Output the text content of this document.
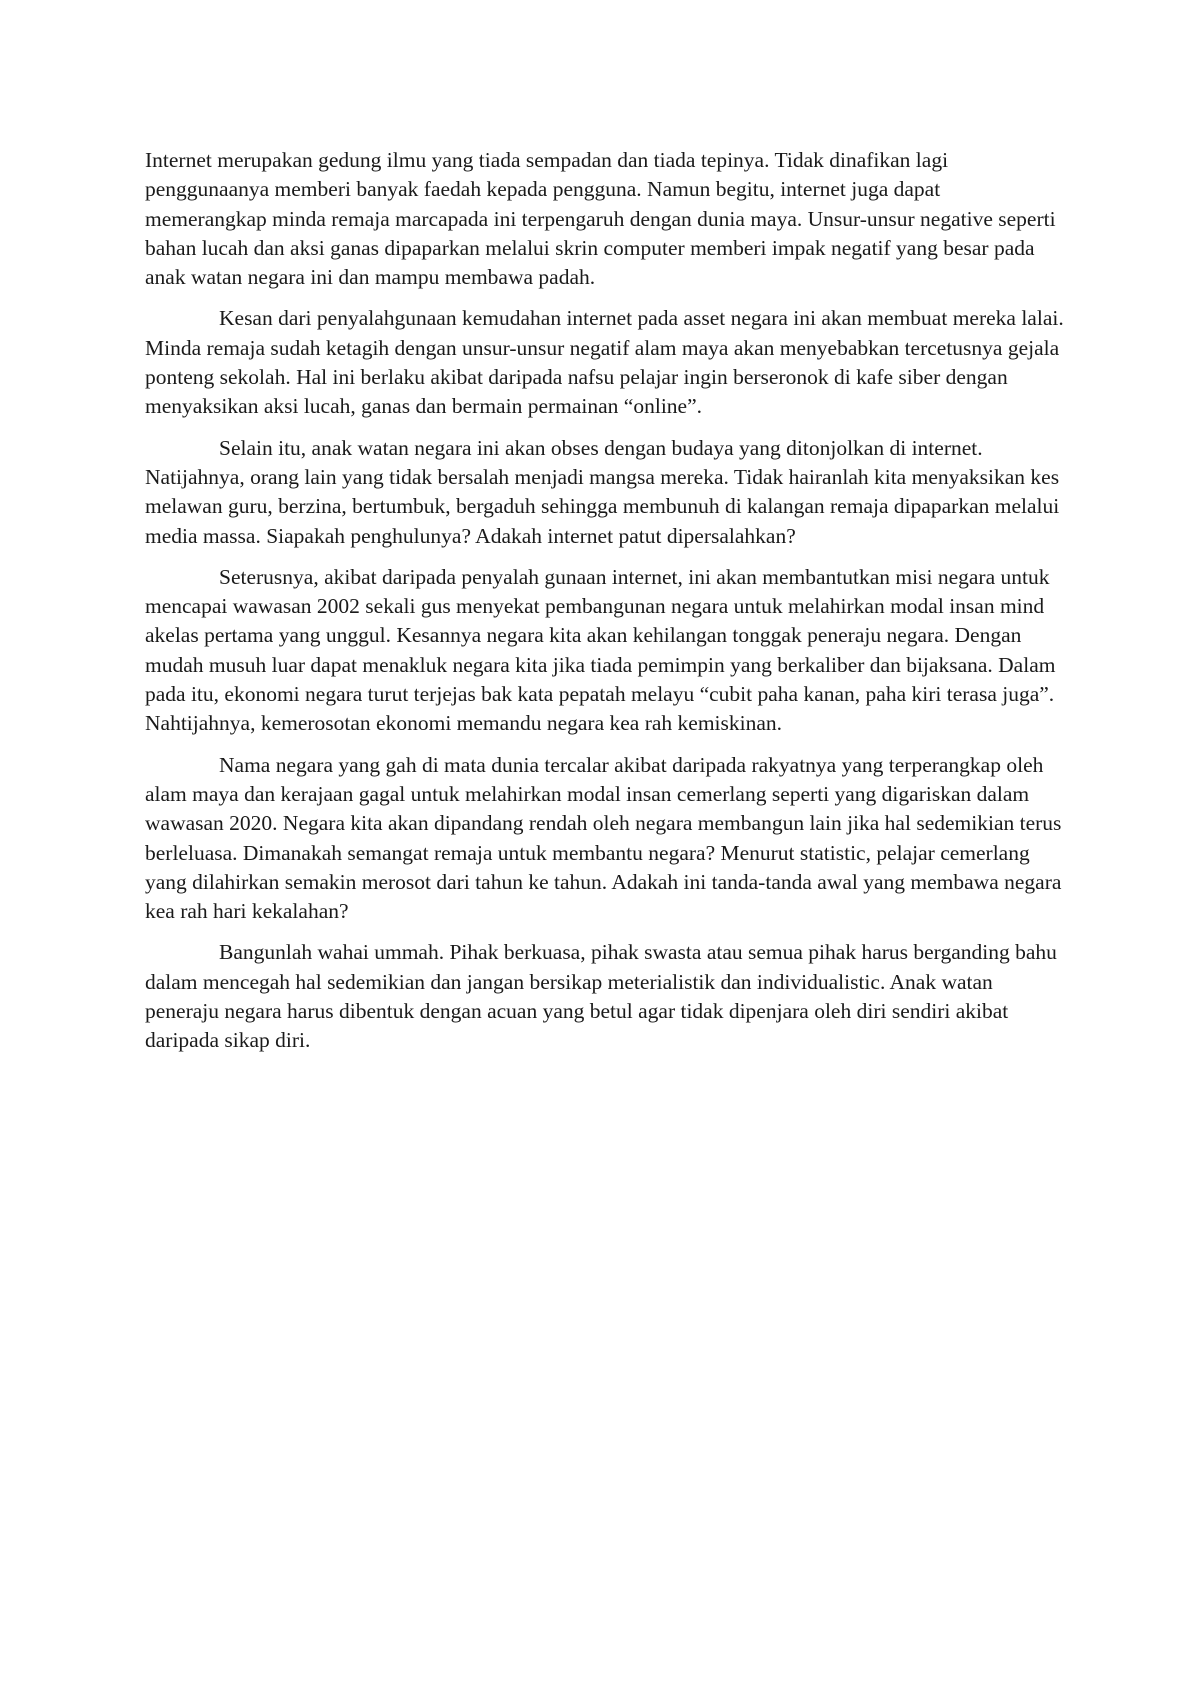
Internet merupakan gedung ilmu yang tiada sempadan dan tiada tepinya. Tidak dinafikan lagi penggunaanya memberi banyak faedah kepada pengguna. Namun begitu, internet juga dapat memerangkap minda remaja marcapada ini terpengaruh dengan dunia maya. Unsur-unsur negative seperti bahan lucah dan aksi ganas dipaparkan melalui skrin computer memberi impak negatif yang besar pada anak watan negara ini dan mampu membawa padah.

Kesan dari penyalahgunaan kemudahan internet pada asset negara ini akan membuat mereka lalai. Minda remaja sudah ketagih dengan unsur-unsur negatif alam maya akan menyebabkan tercetusnya gejala ponteng sekolah. Hal ini berlaku akibat daripada nafsu pelajar ingin berseronok di kafe siber dengan menyaksikan aksi lucah, ganas dan bermain permainan “online”.

Selain itu, anak watan negara ini akan obses dengan budaya yang ditonjolkan di internet. Natijahnya, orang lain yang tidak bersalah menjadi mangsa mereka. Tidak hairanlah kita menyaksikan kes melawan guru, berzina, bertumbuk, bergaduh sehingga membunuh di kalangan remaja dipaparkan melalui media massa. Siapakah penghulunya? Adakah internet patut dipersalahkan?

Seterusnya, akibat daripada penyalah gunaan internet, ini akan membantutkan misi negara untuk mencapai wawasan 2002 sekali gus menyekat pembangunan negara untuk melahirkan modal insan mind akelas pertama yang unggul. Kesannya negara kita akan kehilangan tonggak peneraju negara. Dengan mudah musuh luar dapat menakluk negara kita jika tiada pemimpin yang berkaliber dan bijaksana. Dalam pada itu, ekonomi negara turut terjejas bak kata pepatah melayu “cubit paha kanan, paha kiri terasa juga”. Nahtijahnya, kemerosotan ekonomi memandu negara kea rah kemiskinan.

Nama negara yang gah di mata dunia tercalar akibat daripada rakyatnya yang terperangkap oleh alam maya dan kerajaan gagal untuk melahirkan modal insan cemerlang seperti yang digariskan dalam wawasan 2020. Negara kita akan dipandang rendah oleh negara membangun lain jika hal sedemikian terus berleluasa. Dimanakah semangat remaja untuk membantu negara? Menurut statistic, pelajar cemerlang yang dilahirkan semakin merosot dari tahun ke tahun. Adakah ini tanda-tanda awal yang membawa negara kea rah hari kekalahan?

Bangunlah wahai ummah. Pihak berkuasa, pihak swasta atau semua pihak harus berganding bahu dalam mencegah hal sedemikian dan jangan bersikap meterialistik dan individualistic. Anak watan peneraju negara harus dibentuk dengan acuan yang betul agar tidak dipenjara oleh diri sendiri akibat daripada sikap diri.
